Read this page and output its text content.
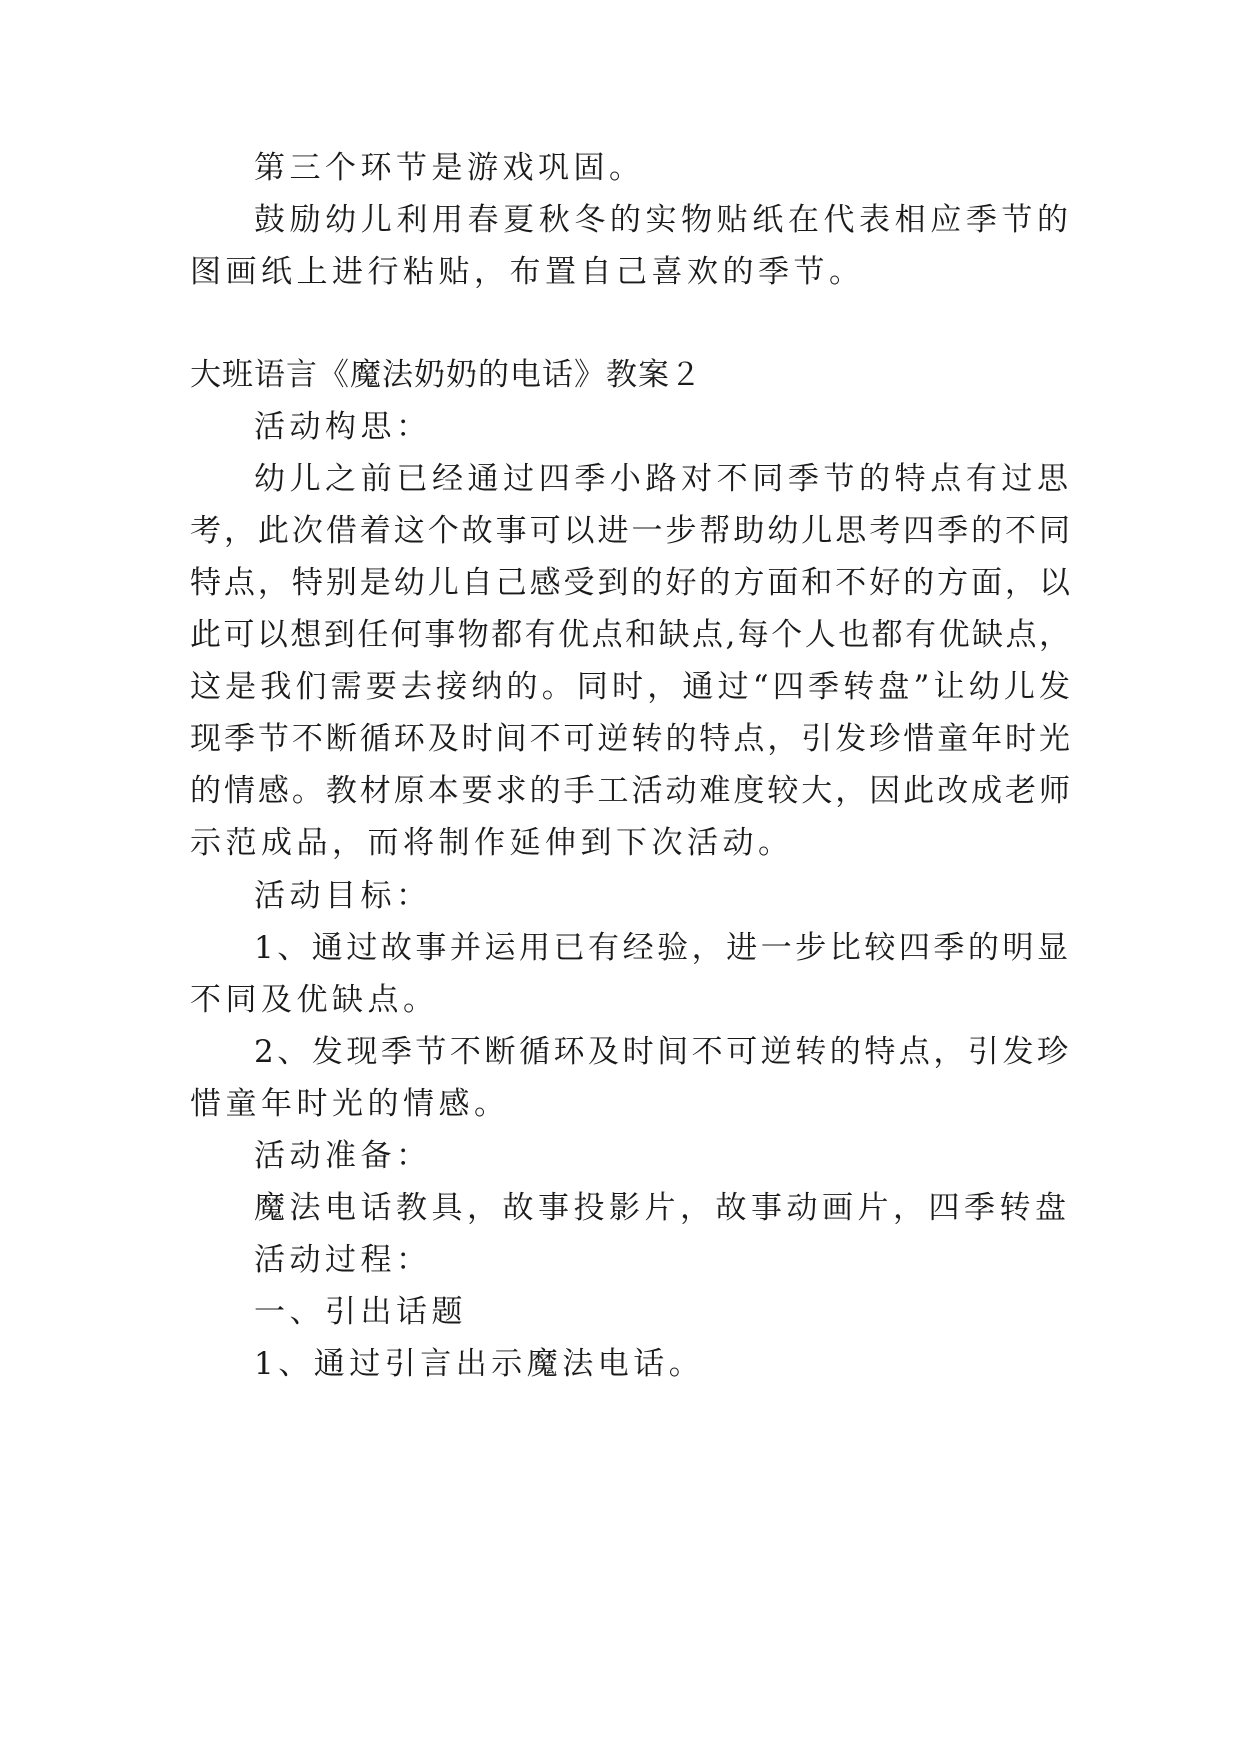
第三个环节是游戏巩固。
鼓励幼儿利用春夏秋冬的实物贴纸在代表相应季节的
图画纸上进行粘贴，布置自己喜欢的季节。
大班语言《魔法奶奶的电话》教案２
活动构思：
幼儿之前已经通过四季小路对不同季节的特点有过思
考，此次借着这个故事可以进一步帮助幼儿思考四季的不同
特点，特别是幼儿自己感受到的好的方面和不好的方面，以
此可以想到任何事物都有优点和缺点,每个人也都有优缺点，
这是我们需要去接纳的。同时，通过“四季转盘”让幼儿发
现季节不断循环及时间不可逆转的特点，引发珍惜童年时光
的情感。教材原本要求的手工活动难度较大，因此改成老师
示范成品，而将制作延伸到下次活动。
活动目标：
1、通过故事并运用已有经验，进一步比较四季的明显
不同及优缺点。
2、发现季节不断循环及时间不可逆转的特点，引发珍
惜童年时光的情感。
活动准备：
魔法电话教具，故事投影片，故事动画片，四季转盘
活动过程：
一、引出话题
1、通过引言出示魔法电话。
